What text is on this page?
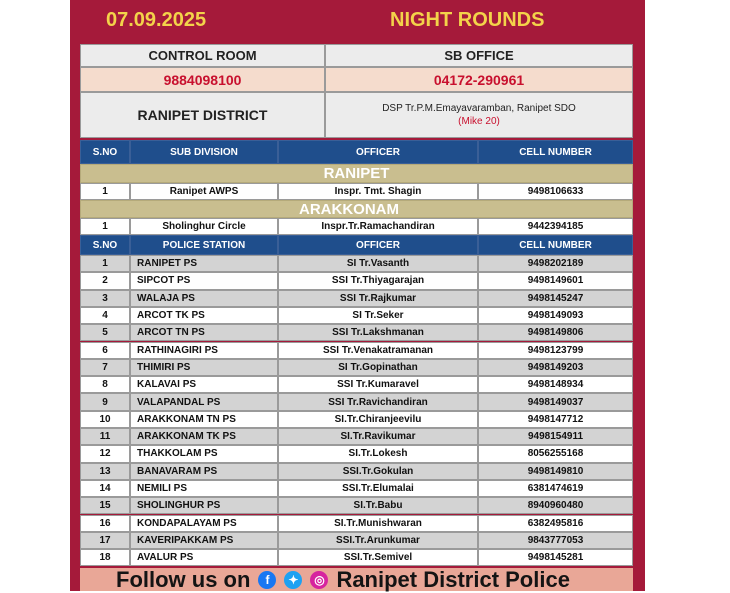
07.09.2025	NIGHT ROUNDS
CONTROL ROOM	SB OFFICE
9884098100	04172-290961
RANIPET DISTRICT	DSP Tr.P.M.Emayavaramban, Ranipet SDO
(Mike 20)
S.NO	SUB DIVISION	OFFICER	CELL NUMBER
RANIPET
1	Ranipet AWPS	Inspr. Tmt. Shagin	9498106633
ARAKKONAM
1	Sholinghur Circle	Inspr.Tr.Ramachandiran	9442394185
S.NO	POLICE STATION	OFFICER	CELL NUMBER
1	RANIPET PS	SI Tr.Vasanth	9498202189
2	SIPCOT PS	SSI Tr.Thiyagarajan	9498149601
3	WALAJA PS	SSI Tr.Rajkumar	9498145247
4	ARCOT TK PS	SI Tr.Seker	9498149093
5	ARCOT TN PS	SSI Tr.Lakshmanan	9498149806
6	RATHINAGIRI PS	SSI Tr.Venakatramanan	9498123799
7	THIMIRI PS	SI Tr.Gopinathan	9498149203
8	KALAVAI PS	SSI Tr.Kumaravel	9498148934
9	VALAPANDAL PS	SSI Tr.Ravichandiran	9498149037
10	ARAKKONAM TN PS	SI.Tr.Chiranjeevilu	9498147712
11	ARAKKONAM TK PS	SI.Tr.Ravikumar	9498154911
12	THAKKOLAM PS	SI.Tr.Lokesh	8056255168
13	BANAVARAM PS	SSI.Tr.Gokulan	9498149810
14	NEMILI PS	SSI.Tr.Elumalai	6381474619
15	SHOLINGHUR PS	SI.Tr.Babu	8940960480
16	KONDAPALAYAM PS	SI.Tr.Munishwaran	6382495816
17	KAVERIPAKKAM PS	SSI.Tr.Arunkumar	9843777053
18	AVALUR PS	SSI.Tr.Semivel	9498145281
Follow us on	f	✦	◎ Ranipet District Police
